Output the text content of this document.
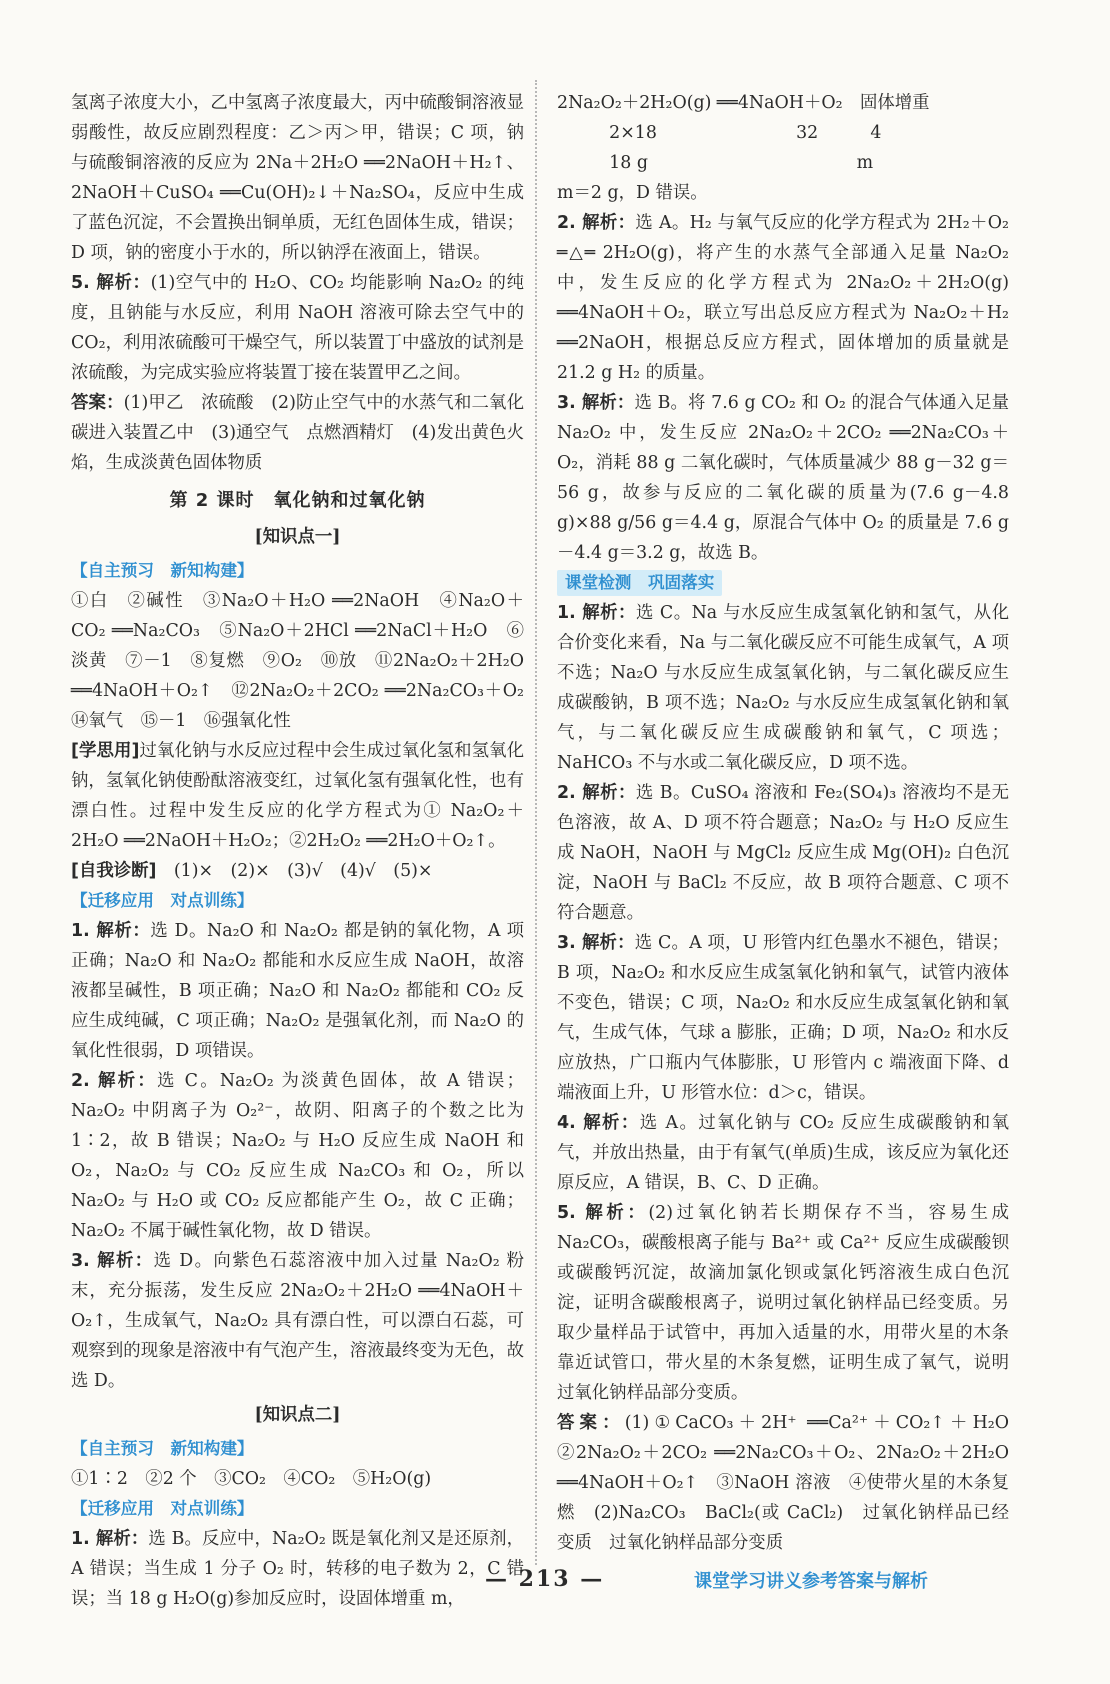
氢离子浓度大小，乙中氢离子浓度最大，丙中硫酸铜溶液显弱酸性，故反应剧烈程度：乙＞丙＞甲，错误；C 项，钠与硫酸铜溶液的反应为 2Na＋2H₂O ══2NaOH＋H₂↑、2NaOH＋CuSO₄ ══Cu(OH)₂↓＋Na₂SO₄，反应中生成了蓝色沉淀，不会置换出铜单质，无红色固体生成，错误；D 项，钠的密度小于水的，所以钠浮在液面上，错误。

5. 解析：(1)空气中的 H₂O、CO₂ 均能影响 Na₂O₂ 的纯度，且钠能与水反应，利用 NaOH 溶液可除去空气中的 CO₂，利用浓硫酸可干燥空气，所以装置丁中盛放的试剂是浓硫酸，为完成实验应将装置丁接在装置甲乙之间。

答案：(1)甲乙　浓硫酸　(2)防止空气中的水蒸气和二氧化碳进入装置乙中　(3)通空气　点燃酒精灯　(4)发出黄色火焰，生成淡黄色固体物质

第 2 课时　氧化钠和过氧化钠
[知识点一]

【自主预习　新知构建】

①白　②碱性　③Na₂O＋H₂O ══2NaOH　④Na₂O＋CO₂ ══Na₂CO₃　⑤Na₂O＋2HCl ══2NaCl＋H₂O　⑥淡黄　⑦－1　⑧复燃　⑨O₂　⑩放　⑪2Na₂O₂＋2H₂O ══4NaOH＋O₂↑　⑫2Na₂O₂＋2CO₂ ══2Na₂CO₃＋O₂　⑭氧气　⑮－1　⑯强氧化性

[学思用]过氧化钠与水反应过程中会生成过氧化氢和氢氧化钠，氢氧化钠使酚酞溶液变红，过氧化氢有强氧化性，也有漂白性。过程中发生反应的化学方程式为① Na₂O₂＋2H₂O ══2NaOH＋H₂O₂；②2H₂O₂ ══2H₂O＋O₂↑。

[自我诊断]　 (1)×　(2)×　(3)√　(4)√　(5)×

【迁移应用　对点训练】

1. 解析：选 D。Na₂O 和 Na₂O₂ 都是钠的氧化物，A 项正确；Na₂O 和 Na₂O₂ 都能和水反应生成 NaOH，故溶液都呈碱性，B 项正确；Na₂O 和 Na₂O₂ 都能和 CO₂ 反应生成纯碱，C 项正确；Na₂O₂ 是强氧化剂，而 Na₂O 的氧化性很弱，D 项错误。

2. 解析：选 C。Na₂O₂ 为淡黄色固体，故 A 错误；Na₂O₂ 中阴离子为 O₂²⁻，故阴、阳离子的个数之比为 1∶2，故 B 错误；Na₂O₂ 与 H₂O 反应生成 NaOH 和 O₂，Na₂O₂ 与 CO₂ 反应生成 Na₂CO₃ 和 O₂，所以 Na₂O₂ 与 H₂O 或 CO₂ 反应都能产生 O₂，故 C 正确；Na₂O₂ 不属于碱性氧化物，故 D 错误。

3. 解析：选 D。向紫色石蕊溶液中加入过量 Na₂O₂ 粉末，充分振荡，发生反应 2Na₂O₂＋2H₂O ══4NaOH＋O₂↑，生成氧气，Na₂O₂ 具有漂白性，可以漂白石蕊，可观察到的现象是溶液中有气泡产生，溶液最终变为无色，故选 D。

[知识点二]

【自主预习　新知构建】

①1∶2　②2 个　③CO₂　④CO₂　⑤H₂O(g)

【迁移应用　对点训练】

1. 解析：选 B。反应中，Na₂O₂ 既是氧化剂又是还原剂，A 错误；当生成 1 分子 O₂ 时，转移的电子数为 2，C 错误；当 18 g H₂O(g)参加反应时，设固体增重 m，

2Na₂O₂＋2H₂O(g) ══4NaOH＋O₂　固体增重

　　　2×18　　　　　　　　32　　　4

　　　18 g　　　　　　　　　　　　m

m＝2 g，D 错误。

2. 解析：选 A。H₂ 与氧气反应的化学方程式为 2H₂＋O₂ ═△═ 2H₂O(g)，将产生的水蒸气全部通入足量 Na₂O₂ 中，发生反应的化学方程式为 2Na₂O₂＋2H₂O(g) ══4NaOH＋O₂，联立写出总反应方程式为 Na₂O₂＋H₂ ══2NaOH，根据总反应方程式，固体增加的质量就是 21.2 g H₂ 的质量。

3. 解析：选 B。将 7.6 g CO₂ 和 O₂ 的混合气体通入足量 Na₂O₂ 中，发生反应 2Na₂O₂＋2CO₂ ══2Na₂CO₃＋O₂，消耗 88 g 二氧化碳时，气体质量减少 88 g－32 g＝56 g，故参与反应的二氧化碳的质量为(7.6 g－4.8 g)×88 g/56 g＝4.4 g，原混合气体中 O₂ 的质量是 7.6 g－4.4 g＝3.2 g，故选 B。

课堂检测　巩固落实

1. 解析：选 C。Na 与水反应生成氢氧化钠和氢气，从化合价变化来看，Na 与二氧化碳反应不可能生成氧气，A 项不选；Na₂O 与水反应生成氢氧化钠，与二氧化碳反应生成碳酸钠，B 项不选；Na₂O₂ 与水反应生成氢氧化钠和氧气，与二氧化碳反应生成碳酸钠和氧气，C 项选；NaHCO₃ 不与水或二氧化碳反应，D 项不选。

2. 解析：选 B。CuSO₄ 溶液和 Fe₂(SO₄)₃ 溶液均不是无色溶液，故 A、D 项不符合题意；Na₂O₂ 与 H₂O 反应生成 NaOH，NaOH 与 MgCl₂ 反应生成 Mg(OH)₂ 白色沉淀，NaOH 与 BaCl₂ 不反应，故 B 项符合题意、C 项不符合题意。

3. 解析：选 C。A 项，U 形管内红色墨水不褪色，错误；B 项，Na₂O₂ 和水反应生成氢氧化钠和氧气，试管内液体不变色，错误；C 项，Na₂O₂ 和水反应生成氢氧化钠和氧气，生成气体，气球 a 膨胀，正确；D 项，Na₂O₂ 和水反应放热，广口瓶内气体膨胀，U 形管内 c 端液面下降、d 端液面上升，U 形管水位：d＞c，错误。

4. 解析：选 A。过氧化钠与 CO₂ 反应生成碳酸钠和氧气，并放出热量，由于有氧气(单质)生成，该反应为氧化还原反应，A 错误，B、C、D 正确。

5. 解析：(2)过氧化钠若长期保存不当，容易生成 Na₂CO₃，碳酸根离子能与 Ba²⁺ 或 Ca²⁺ 反应生成碳酸钡或碳酸钙沉淀，故滴加氯化钡或氯化钙溶液生成白色沉淀，证明含碳酸根离子，说明过氧化钠样品已经变质。另取少量样品于试管中，再加入适量的水，用带火星的木条靠近试管口，带火星的木条复燃，证明生成了氧气，说明过氧化钠样品部分变质。

答案：(1)①CaCO₃＋2H⁺ ══Ca²⁺＋CO₂↑＋H₂O　②2Na₂O₂＋2CO₂ ══2Na₂CO₃＋O₂、2Na₂O₂＋2H₂O ══4NaOH＋O₂↑　③NaOH 溶液　④使带火星的木条复燃　(2)Na₂CO₃　BaCl₂(或 CaCl₂)　过氧化钠样品已经变质　过氧化钠样品部分变质

— 213 —	课堂学习讲义参考答案与解析
